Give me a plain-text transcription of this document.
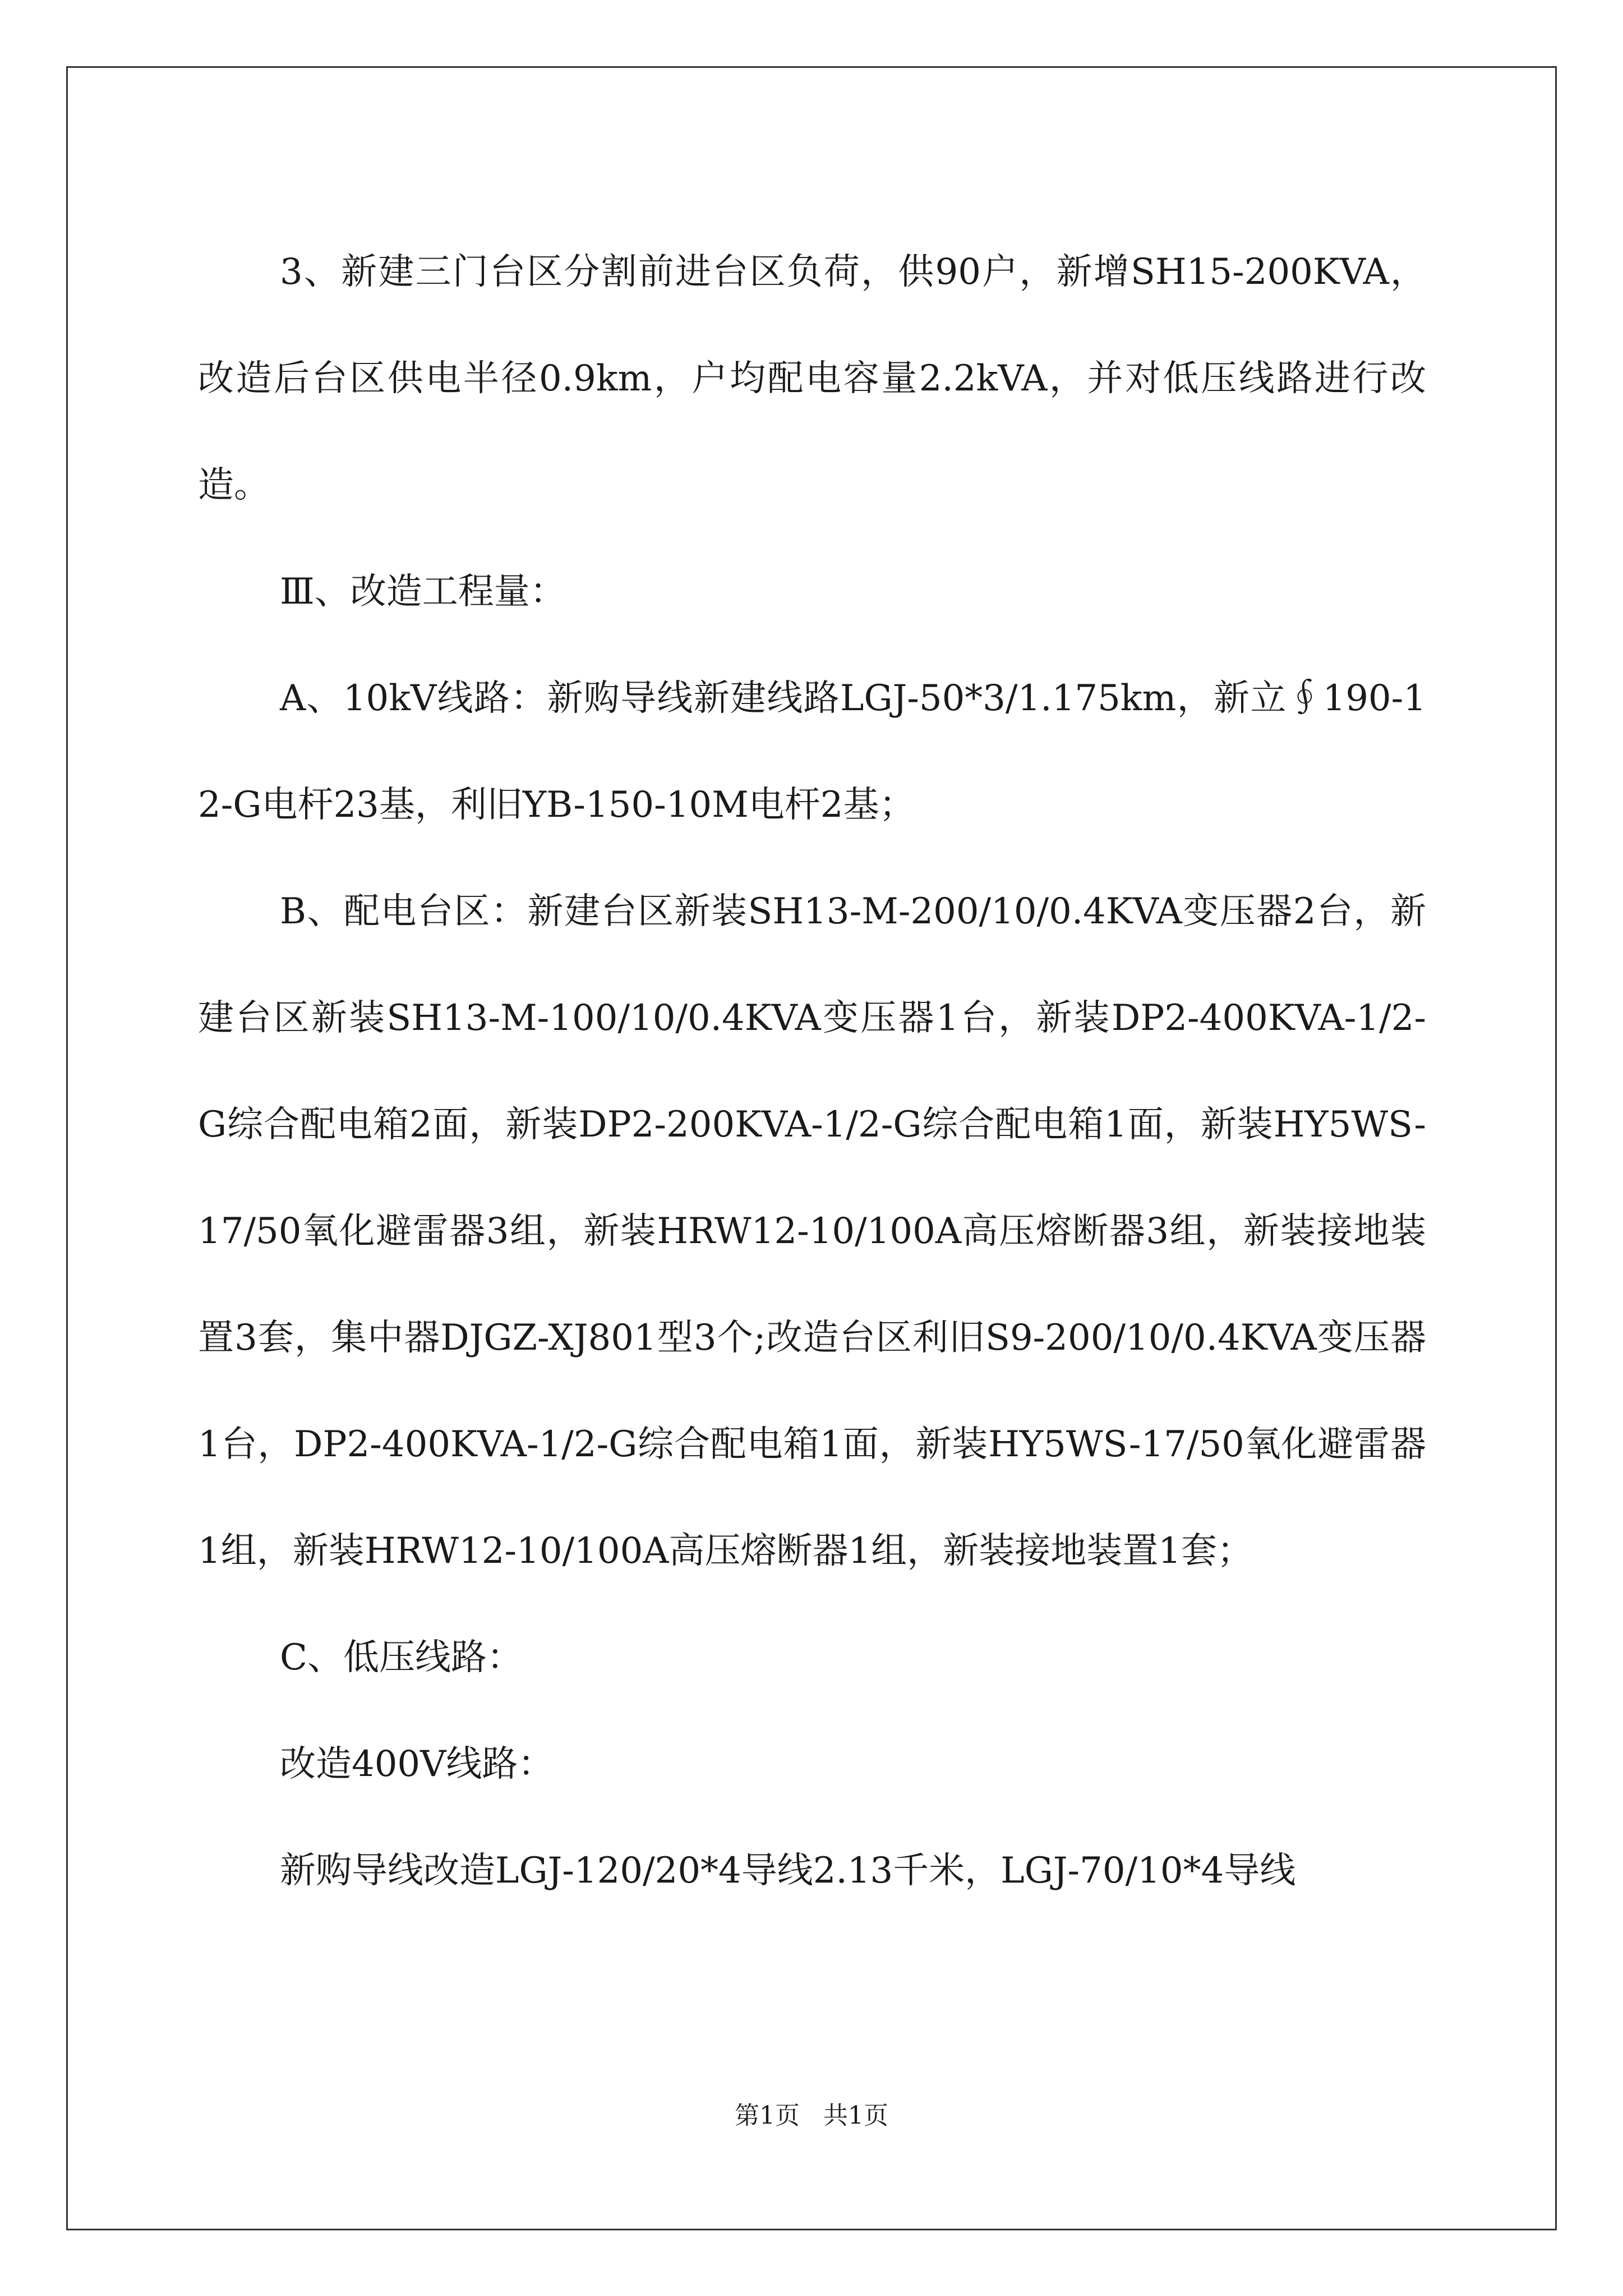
3、新建三门台区分割前进台区负荷，供90户，新增SH15-200KVA，改造后台区供电半径0.9km，户均配电容量2.2kVA，并对低压线路进行改造。

Ⅲ、改造工程量：

A、10kV线路：新购导线新建线路LGJ-50*3/1.175km，新立∮190-12-G电杆23基，利旧YB-150-10M电杆2基；

B、配电台区：新建台区新装SH13-M-200/10/0.4KVA变压器2台，新建台区新装SH13-M-100/10/0.4KVA变压器1台，新装DP2-400KVA-1/2-G综合配电箱2面，新装DP2-200KVA-1/2-G综合配电箱1面，新装HY5WS-17/50氧化避雷器3组，新装HRW12-10/100A高压熔断器3组，新装接地装置3套，集中器DJGZ-XJ801型3个;改造台区利旧S9-200/10/0.4KVA变压器1台，DP2-400KVA-1/2-G综合配电箱1面，新装HY5WS-17/50氧化避雷器1组，新装HRW12-10/100A高压熔断器1组，新装接地装置1套；

C、低压线路：

改造400V线路：

新购导线改造LGJ-120/20*4导线2.13千米，LGJ-70/10*4导线

第1页 共1页
